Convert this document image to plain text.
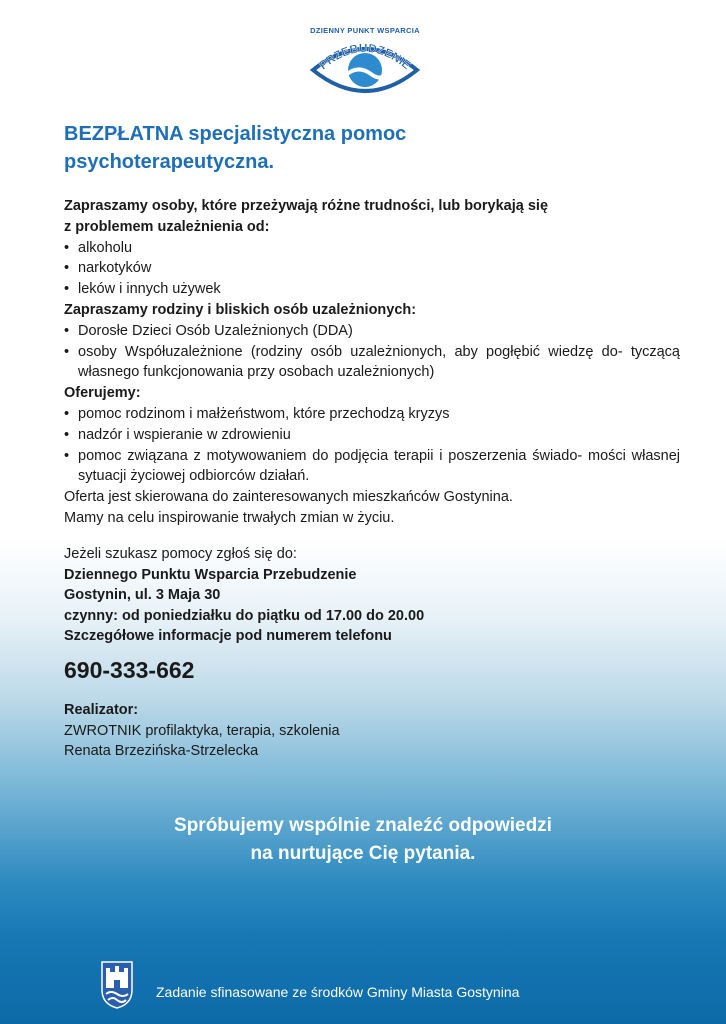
DZIENNY PUNKT WSPARCIA
PRZEBUDZENIE
BEZPŁATNA specjalistyczna pomoc
psychoterapeutyczna.

Zapraszamy osoby, które przeżywają różne trudności, lub borykają się
z problemem uzależnienia od:

• alkoholu
• narkotyków
• leków i innych używek

Zapraszamy rodziny i bliskich osób uzależnionych:

• Dorosłe Dzieci Osób Uzależnionych (DDA)
• osoby Współuzależnione (rodziny osób uzależnionych, aby pogłębić wiedzę do- tyczącą własnego funkcjonowania przy osobach uzależnionych)

Oferujemy:

• pomoc rodzinom i małżeństwom, które przechodzą kryzys
• nadzór i wspieranie w zdrowieniu
• pomoc związana z motywowaniem do podjęcia terapii i poszerzenia świado- mości własnej sytuacji życiowej odbiorców działań.

Oferta jest skierowana do zainteresowanych mieszkańców Gostynina.

Mamy na celu inspirowanie trwałych zmian w życiu.

Jeżeli szukasz pomocy zgłoś się do:

Dziennego Punktu Wsparcia Przebudzenie

Gostynin, ul. 3 Maja 30

czynny: od poniedziałku do piątku od 17.00 do 20.00

Szczegółowe informacje pod numerem telefonu

690-333-662

Realizator:

ZWROTNIK profilaktyka, terapia, szkolenia

Renata Brzezińska-Strzelecka

Spróbujemy wspólnie znaleźć odpowiedzi

na nurtujące Cię pytania.

Zadanie sfinasowane ze środków Gminy Miasta Gostynina
